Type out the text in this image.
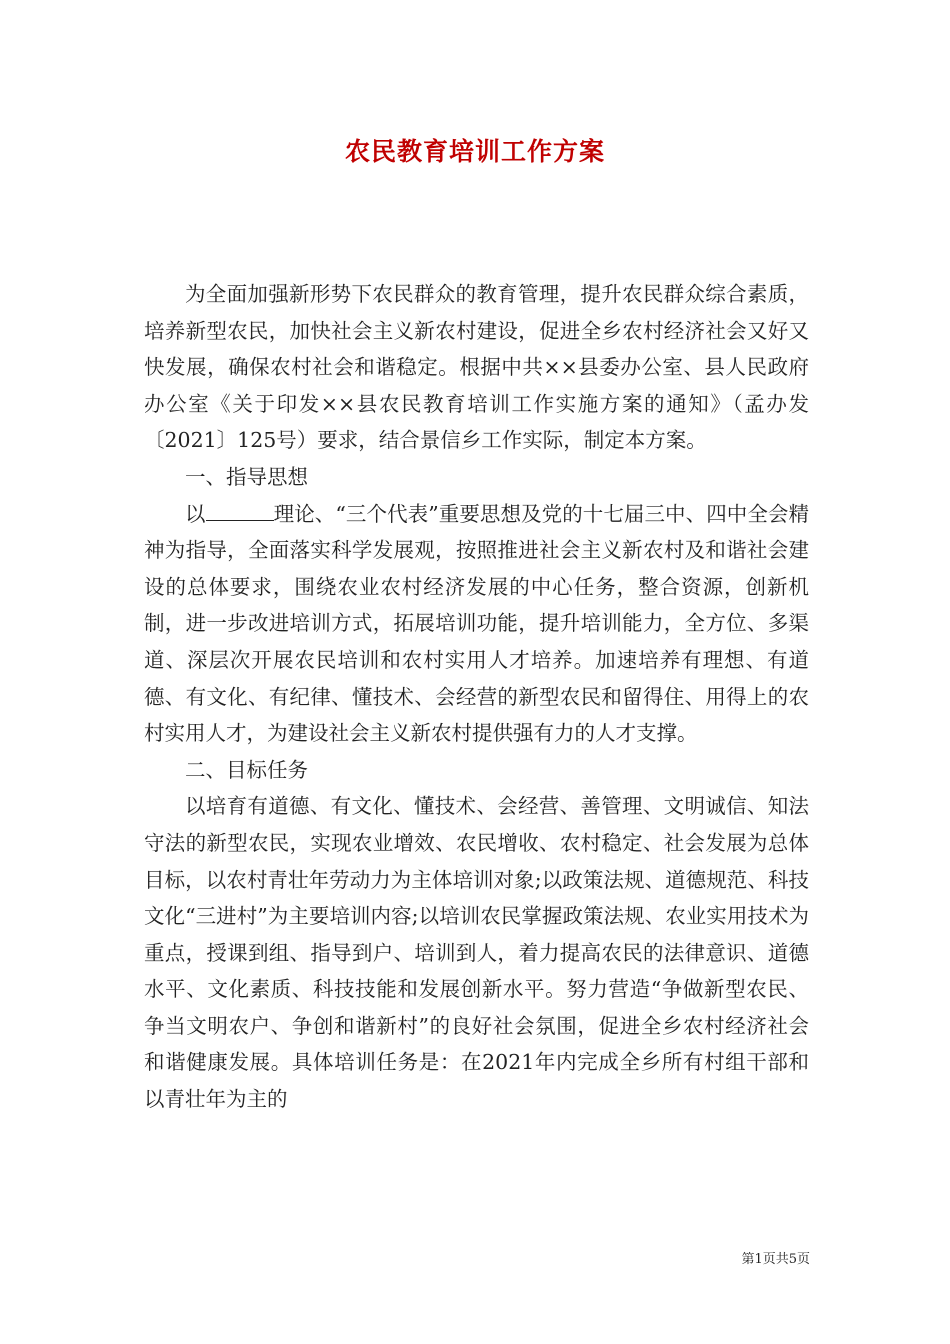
农民教育培训工作方案

为全面加强新形势下农民群众的教育管理，提升农民群众综合素质，培养新型农民，加快社会主义新农村建设，促进全乡农村经济社会又好又快发展，确保农村社会和谐稳定。根据中共××县委办公室、县人民政府办公室《关于印发××县农民教育培训工作实施方案的通知》（孟办发〔2021〕125号）要求，结合景信乡工作实际，制定本方案。

一、指导思想

以	理论、“三个代表”重要思想及党的十七届三中、四中全会精神为指导，全面落实科学发展观，按照推进社会主义新农村及和谐社会建设的总体要求，围绕农业农村经济发展的中心任务，整合资源，创新机制，进一步改进培训方式，拓展培训功能，提升培训能力，全方位、多渠道、深层次开展农民培训和农村实用人才培养。加速培养有理想、有道德、有文化、有纪律、懂技术、会经营的新型农民和留得住、用得上的农村实用人才，为建设社会主义新农村提供强有力的人才支撑。

二、目标任务

以培育有道德、有文化、懂技术、会经营、善管理、文明诚信、知法守法的新型农民，实现农业增效、农民增收、农村稳定、社会发展为总体目标，以农村青壮年劳动力为主体培训对象;以政策法规、道德规范、科技文化“三进村”为主要培训内容;以培训农民掌握政策法规、农业实用技术为重点，授课到组、指导到户、培训到人，着力提高农民的法律意识、道德水平、文化素质、科技技能和发展创新水平。努力营造“争做新型农民、争当文明农户、争创和谐新村”的良好社会氛围，促进全乡农村经济社会和谐健康发展。具体培训任务是：在2021年内完成全乡所有村组干部和以青壮年为主的

第1页共5页
